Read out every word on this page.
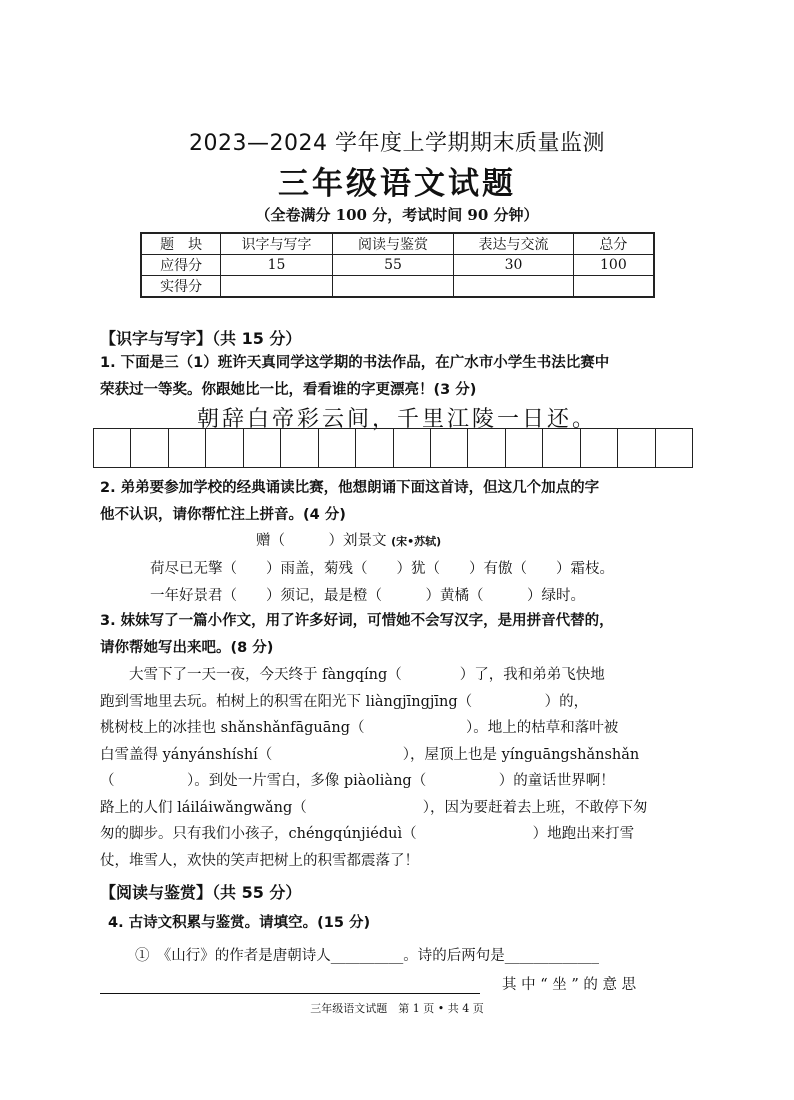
2023—2024 学年度上学期期末质量监测
三年级语文试题
（全卷满分 100 分，考试时间 90 分钟）
题　块	识字与写字	阅读与鉴赏	表达与交流	总分
应得分	15	55	30	100
实得分				
【识字与写字】（共 15 分）
1. 下面是三（1）班许天真同学这学期的书法作品，在广水市小学生书法比赛中
荣获过一等奖。你跟她比一比，看看谁的字更漂亮！(3 分)
朝辞白帝彩云间，千里江陵一日还。
2. 弟弟要参加学校的经典诵读比赛，他想朗诵下面这首诗，但这几个加点的字
他不认识，请你帮忙注上拼音。(4 分)
赠（　　　）刘景文 (宋•苏轼)
荷尽已无擎（　　）雨盖，菊残（　　）犹（　　）有傲（　　）霜枝。
一年好景君（　　）须记，最是橙（　　　）黄橘（　　　）绿时。
3. 妹妹写了一篇小作文，用了许多好词，可惜她不会写汉字，是用拼音代替的，
请你帮她写出来吧。(8 分)
大雪下了一天一夜，今天终于 fàngqíng（　　　　）了，我和弟弟飞快地
跑到雪地里去玩。柏树上的积雪在阳光下 liàngjīngjīng（　　　　　）的，
桃树枝上的冰挂也 shǎnshǎnfāguāng（　　　　　　　）。地上的枯草和落叶被
白雪盖得 yányánshíshí（　　　　　　　　　），屋顶上也是 yínguāngshǎnshǎn
（　　　　　）。到处一片雪白，多像 piàoliàng（　　　　　）的童话世界啊！
路上的人们 láiláiwǎngwǎng（　　　　　　　　），因为要赶着去上班，不敢停下匆
匆的脚步。只有我们小孩子，chéngqúnjiéduì（　　　　　　　　）地跑出来打雪
仗，堆雪人，欢快的笑声把树上的积雪都震落了！
【阅读与鉴赏】（共 55 分）
4. 古诗文积累与鉴赏。请填空。(15 分)
①　《山行》的作者是唐朝诗人__________。诗的后两句是_____________
其 中 “ 坐 ” 的 意 思
三年级语文试题　第 1 页 • 共 4 页
